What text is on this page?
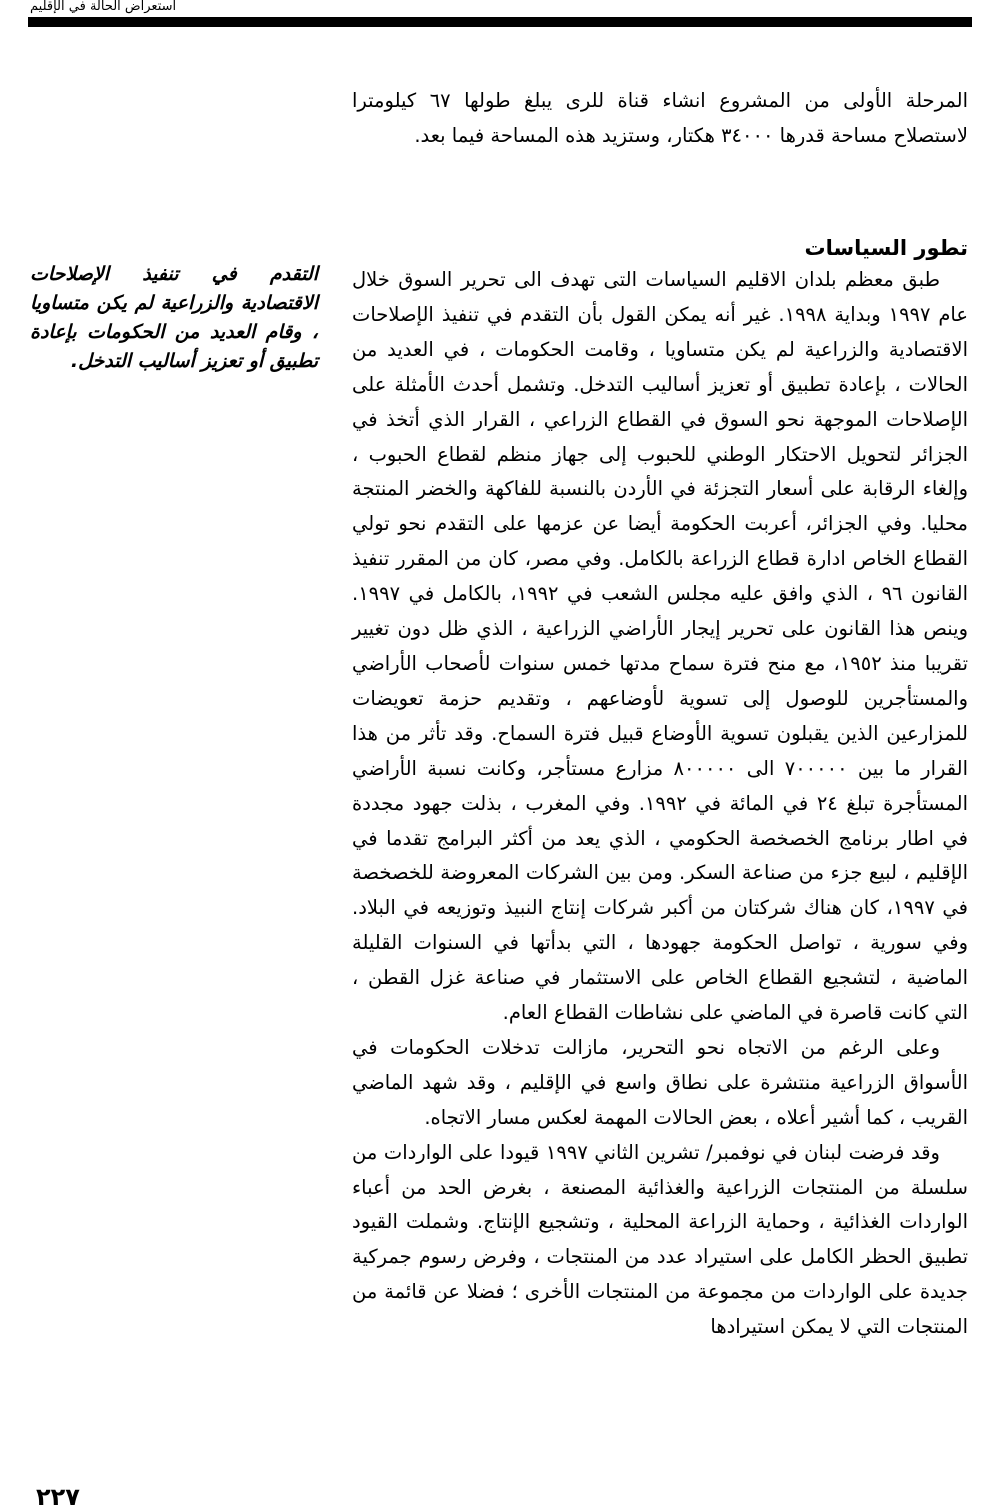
استعراض الحالة في الإقليم
التقدم في تنفيذ الإصلاحات الاقتصادية والزراعية لم يكن متساويا ، وقام العديد من الحكومات بإعادة تطبيق أو تعزيز أساليب التدخل.

المرحلة الأولى من المشروع انشاء قناة للرى يبلغ طولها ٦٧ كيلومترا لاستصلاح مساحة قدرها ٣٤٠٠٠ هكتار، وستزيد هذه المساحة فيما بعد.

تطور السياسات

طبق معظم بلدان الاقليم السياسات التى تهدف الى تحرير السوق خلال عام ١٩٩٧ وبداية ١٩٩٨. غير أنه يمكن القول بأن التقدم في تنفيذ الإصلاحات الاقتصادية والزراعية لم يكن متساويا ، وقامت الحكومات ، في العديد من الحالات ، بإعادة تطبيق أو تعزيز أساليب التدخل. وتشمل أحدث الأمثلة على الإصلاحات الموجهة نحو السوق في القطاع الزراعي ، القرار الذي أتخذ في الجزائر لتحويل الاحتكار الوطني للحبوب إلى جهاز منظم لقطاع الحبوب ، وإلغاء الرقابة على أسعار التجزئة في الأردن بالنسبة للفاكهة والخضر المنتجة محليا. وفي الجزائر، أعربت الحكومة أيضا عن عزمها على التقدم نحو تولي القطاع الخاص ادارة قطاع الزراعة بالكامل. وفي مصر، كان من المقرر تنفيذ القانون ٩٦ ، الذي وافق عليه مجلس الشعب في ١٩٩٢، بالكامل في ١٩٩٧. وينص هذا القانون على تحرير إيجار الأراضي الزراعية ، الذي ظل دون تغيير تقريبا منذ ١٩٥٢، مع منح فترة سماح مدتها خمس سنوات لأصحاب الأراضي والمستأجرين للوصول إلى تسوية لأوضاعهم ، وتقديم حزمة تعويضات للمزارعين الذين يقبلون تسوية الأوضاع قبيل فترة السماح. وقد تأثر من هذا القرار ما بين ٧٠٠٠٠٠ الى ٨٠٠٠٠٠ مزارع مستأجر، وكانت نسبة الأراضي المستأجرة تبلغ ٢٤ في المائة في ١٩٩٢. وفي المغرب ، بذلت جهود مجددة في اطار برنامج الخصخصة الحكومي ، الذي يعد من أكثر البرامج تقدما في الإقليم ، لبيع جزء من صناعة السكر. ومن بين الشركات المعروضة للخصخصة في ١٩٩٧، كان هناك شركتان من أكبر شركات إنتاج النبيذ وتوزيعه في البلاد. وفي سورية ، تواصل الحكومة جهودها ، التي بدأتها في السنوات القليلة الماضية ، لتشجيع القطاع الخاص على الاستثمار في صناعة غزل القطن ، التي كانت قاصرة في الماضي على نشاطات القطاع العام.

وعلى الرغم من الاتجاه نحو التحرير، مازالت تدخلات الحكومات في الأسواق الزراعية منتشرة على نطاق واسع في الإقليم ، وقد شهد الماضي القريب ، كما أشير أعلاه ، بعض الحالات المهمة لعكس مسار الاتجاه.

وقد فرضت لبنان في نوفمبر/ تشرين الثاني ١٩٩٧ قيودا على الواردات من سلسلة من المنتجات الزراعية والغذائية المصنعة ، بغرض الحد من أعباء الواردات الغذائية ، وحماية الزراعة المحلية ، وتشجيع الإنتاج. وشملت القيود تطبيق الحظر الكامل على استيراد عدد من المنتجات ، وفرض رسوم جمركية جديدة على الواردات من مجموعة من المنتجات الأخرى ؛ فضلا عن قائمة من المنتجات التي لا يمكن استيرادها

٢٢٧
